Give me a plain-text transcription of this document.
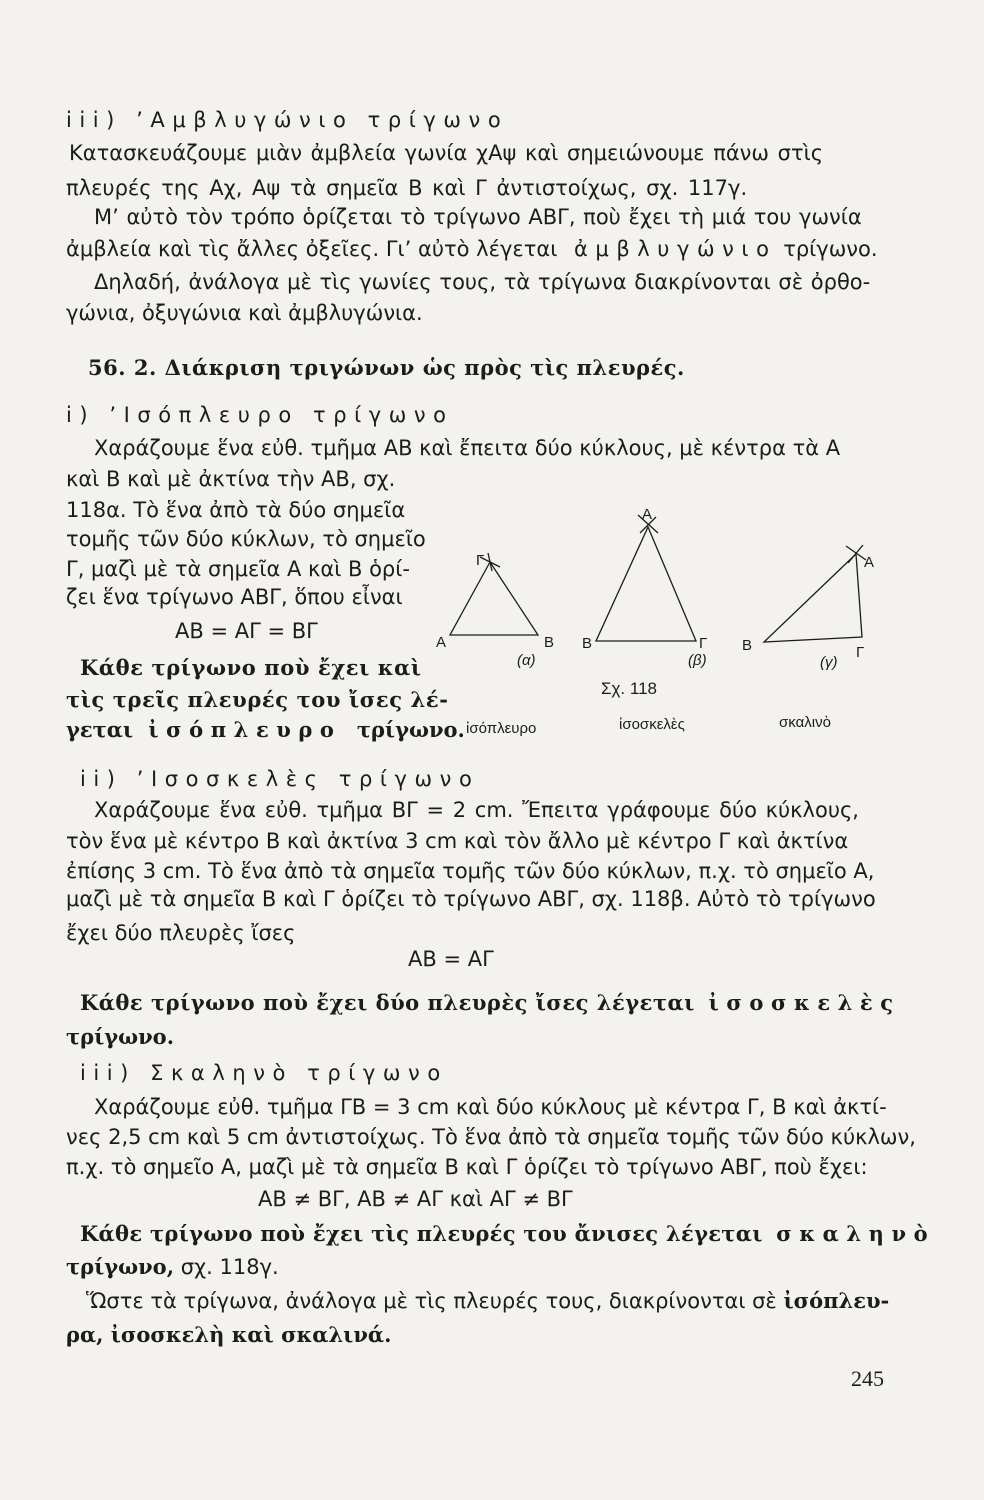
iii) ’Αμβλυγώνιο τρίγωνο
Κατασκευάζουμε μιὰν ἀμβλεία γωνία χΑψ καὶ σημειώνουμε πάνω στὶς
πλευρές της Αχ, Αψ τὰ σημεῖα Β καὶ Γ ἀντιστοίχως, σχ. 117γ.
Μ’ αὐτὸ τὸν τρόπο ὁρίζεται τὸ τρίγωνο ΑΒΓ, ποὺ ἔχει τὴ μιά του γωνία
ἀμβλεία καὶ τὶς ἄλλες ὀξεῖες. Γι’ αὐτὸ λέγεται ἀμβλυγώνιο τρίγωνο.
Δηλαδή, ἀνάλογα μὲ τὶς γωνίες τους, τὰ τρίγωνα διακρίνονται σὲ ὀρθο-
γώνια, ὀξυγώνια καὶ ἀμβλυγώνια.
56. 2. Διάκριση τριγώνων ὡς πρὸς τὶς πλευρές.
i) ’Ισόπλευρο τρίγωνο
Χαράζουμε ἕνα εὐθ. τμῆμα ΑΒ καὶ ἔπειτα δύο κύκλους, μὲ κέντρα τὰ Α
καὶ Β καὶ μὲ ἀκτίνα τὴν ΑΒ, σχ.
118α. Τὸ ἕνα ἀπὸ τὰ δύο σημεῖα
τομῆς τῶν δύο κύκλων, τὸ σημεῖο
Γ, μαζὶ μὲ τὰ σημεῖα Α καὶ Β ὁρί-
ζει ἕνα τρίγωνο ΑΒΓ, ὅπου εἶναι
ΑΒ = ΑΓ = ΒΓ
Κάθε τρίγωνο ποὺ ἔχει καὶ
τὶς τρεῖς πλευρές του ἴσες λέ-
γεται ἰσόπλευρο τρίγωνο.
Γ
Α	Β
(α)
Α
Β	Γ
(β)
Α
Β	Γ
(γ)
Σχ. 118
ἰσόπλευρο	ἰσοσκελὲς	σκαλινὸ
ii) ’Ισοσκελὲς τρίγωνο
Χαράζουμε ἕνα εὐθ. τμῆμα ΒΓ = 2 cm. Ἔπειτα γράφουμε δύο κύκλους,
τὸν ἕνα μὲ κέντρο Β καὶ ἀκτίνα 3 cm καὶ τὸν ἄλλο μὲ κέντρο Γ καὶ ἀκτίνα
ἐπίσης 3 cm. Τὸ ἕνα ἀπὸ τὰ σημεῖα τομῆς τῶν δύο κύκλων, π.χ. τὸ σημεῖο Α,
μαζὶ μὲ τὰ σημεῖα Β καὶ Γ ὁρίζει τὸ τρίγωνο ΑΒΓ, σχ. 118β. Αὐτὸ τὸ τρίγωνο
ἔχει δύο πλευρὲς ἴσες
ΑΒ = ΑΓ
Κάθε τρίγωνο ποὺ ἔχει δύο πλευρὲς ἴσες λέγεται ἰσοσκελὲς
τρίγωνο.
iii) Σκαληνὸ τρίγωνο
Χαράζουμε εὐθ. τμῆμα ΓΒ = 3 cm καὶ δύο κύκλους μὲ κέντρα Γ, Β καὶ ἀκτί-
νες 2,5 cm καὶ 5 cm ἀντιστοίχως. Τὸ ἕνα ἀπὸ τὰ σημεῖα τομῆς τῶν δύο κύκλων,
π.χ. τὸ σημεῖο Α, μαζὶ μὲ τὰ σημεῖα Β καὶ Γ ὁρίζει τὸ τρίγωνο ΑΒΓ, ποὺ ἔχει:
ΑΒ ≠ ΒΓ, ΑΒ ≠ ΑΓ καὶ ΑΓ ≠ ΒΓ
Κάθε τρίγωνο ποὺ ἔχει τὶς πλευρές του ἄνισες λέγεται σκαληνὸ
τρίγωνο, σχ. 118γ.
Ὥστε τὰ τρίγωνα, ἀνάλογα μὲ τὶς πλευρές τους, διακρίνονται σὲ ἰσόπλευ-
ρα, ἰσοσκελὴ καὶ σκαλινά.
245
